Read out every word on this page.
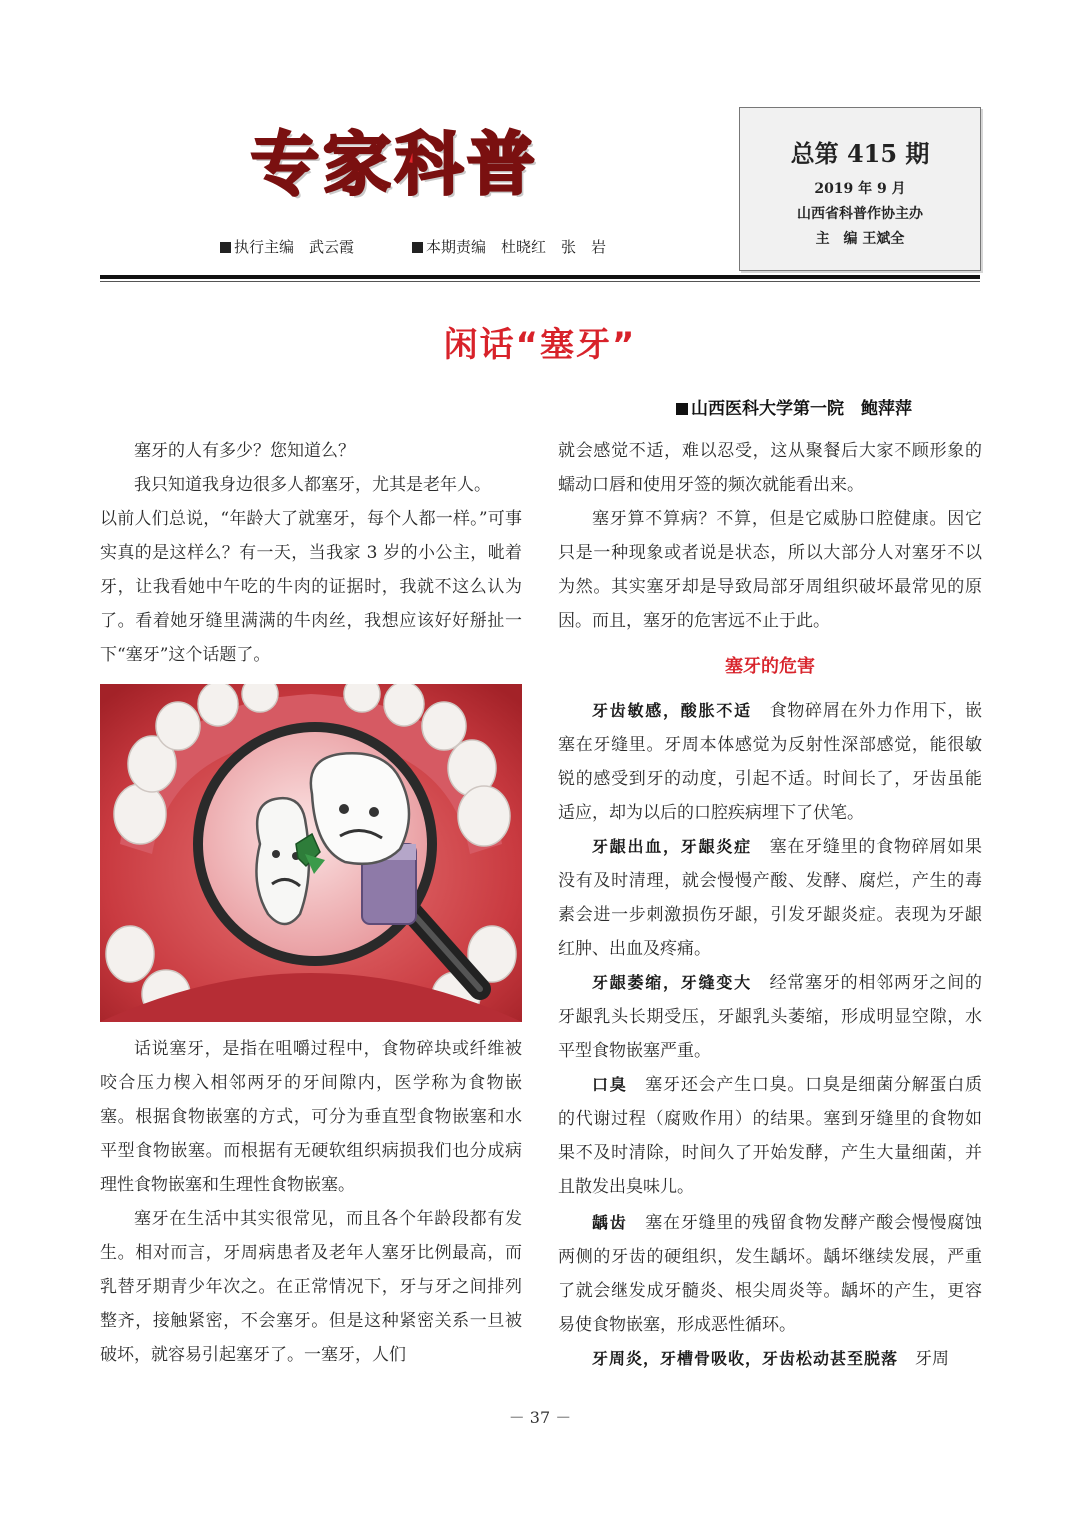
专家科普
执行主编　武云霞	本期责编　杜晓红　张　岩
总第 415 期
2019 年 9 月
山西省科普作协主办
主　编 王斌全
闲话“塞牙”
山西医科大学第一院　鲍萍萍

塞牙的人有多少？您知道么？

我只知道我身边很多人都塞牙，尤其是老年人。

以前人们总说，“年龄大了就塞牙，每个人都一样。”可事实真的是这样么？有一天，当我家 3 岁的小公主，呲着牙，让我看她中午吃的牛肉的证据时，我就不这么认为了。看着她牙缝里满满的牛肉丝，我想应该好好掰扯一下“塞牙”这个话题了。

话说塞牙，是指在咀嚼过程中，食物碎块或纤维被咬合压力楔入相邻两牙的牙间隙内，医学称为食物嵌塞。根据食物嵌塞的方式，可分为垂直型食物嵌塞和水平型食物嵌塞。而根据有无硬软组织病损我们也分成病理性食物嵌塞和生理性食物嵌塞。

塞牙在生活中其实很常见，而且各个年龄段都有发生。相对而言，牙周病患者及老年人塞牙比例最高，而乳替牙期青少年次之。在正常情况下，牙与牙之间排列整齐，接触紧密，不会塞牙。但是这种紧密关系一旦被破坏，就容易引起塞牙了。一塞牙，人们

就会感觉不适，难以忍受，这从聚餐后大家不顾形象的蠕动口唇和使用牙签的频次就能看出来。

塞牙算不算病？不算，但是它威胁口腔健康。因它只是一种现象或者说是状态，所以大部分人对塞牙不以为然。其实塞牙却是导致局部牙周组织破坏最常见的原因。而且，塞牙的危害远不止于此。

塞牙的危害

牙齿敏感，酸胀不适　 食物碎屑在外力作用下，嵌塞在牙缝里。牙周本体感觉为反射性深部感觉，能很敏锐的感受到牙的动度，引起不适。时间长了，牙齿虽能适应，却为以后的口腔疾病埋下了伏笔。

牙龈出血，牙龈炎症　 塞在牙缝里的食物碎屑如果没有及时清理，就会慢慢产酸、发酵、腐烂，产生的毒素会进一步刺激损伤牙龈，引发牙龈炎症。表现为牙龈红肿、出血及疼痛。

牙龈萎缩，牙缝变大　 经常塞牙的相邻两牙之间的牙龈乳头长期受压，牙龈乳头萎缩，形成明显空隙，水平型食物嵌塞严重。

口臭　 塞牙还会产生口臭。口臭是细菌分解蛋白质的代谢过程（腐败作用）的结果。塞到牙缝里的食物如果不及时清除，时间久了开始发酵，产生大量细菌，并且散发出臭味儿。

龋齿　 塞在牙缝里的残留食物发酵产酸会慢慢腐蚀两侧的牙齿的硬组织，发生龋坏。龋坏继续发展，严重了就会继发成牙髓炎、根尖周炎等。龋坏的产生，更容易使食物嵌塞，形成恶性循环。

牙周炎，牙槽骨吸收，牙齿松动甚至脱落　 牙周

－ 37 －
